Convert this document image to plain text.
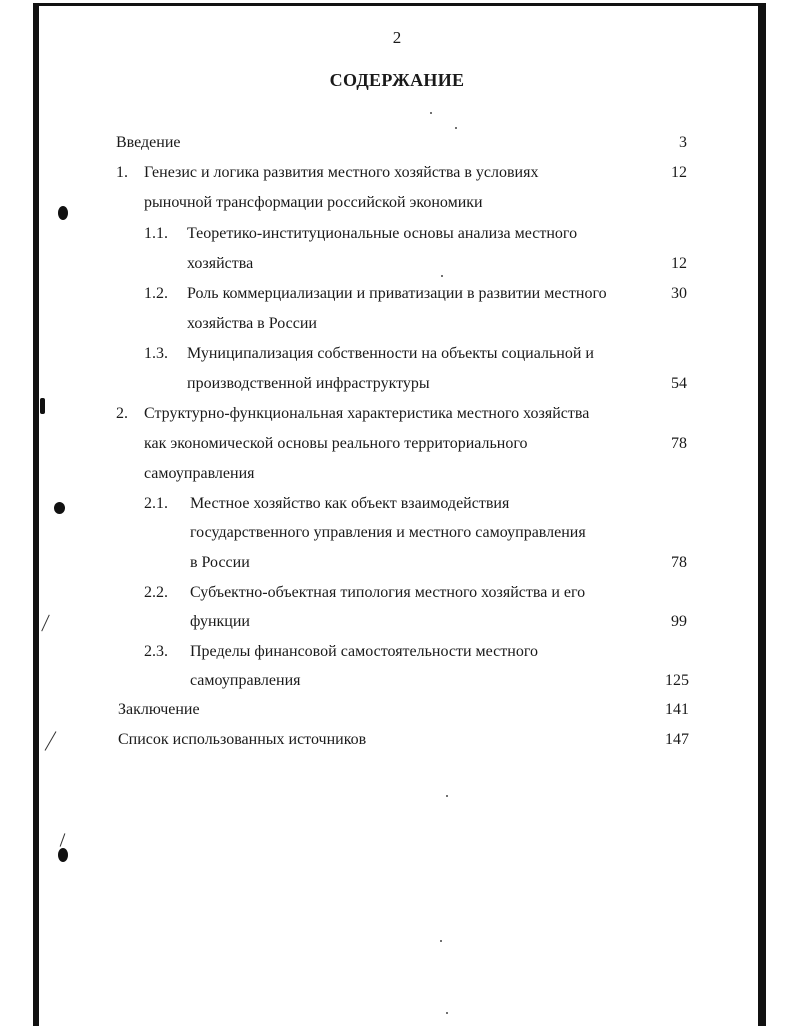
2
СОДЕРЖАНИЕ
Введение	3
1. Генезис и логика развития местного хозяйства в условиях	12
рыночной трансформации российской экономики
1.1. Теоретико-институциональные основы анализа местного
хозяйства	12
1.2. Роль коммерциализации и приватизации в развитии местного	30
хозяйства в России
1.3. Муниципализация собственности на объекты социальной и
производственной инфраструктуры	54
2. Структурно-функциональная характеристика местного хозяйства
как экономической основы реального территориального	78
самоуправления
2.1. Местное хозяйство как объект взаимодействия
государственного управления и местного самоуправления
в России	78
2.2. Субъектно-объектная типология местного хозяйства и его
функции	99
2.3. Пределы финансовой самостоятельности местного
самоуправления	125
Заключение	141
Список использованных источников	147
